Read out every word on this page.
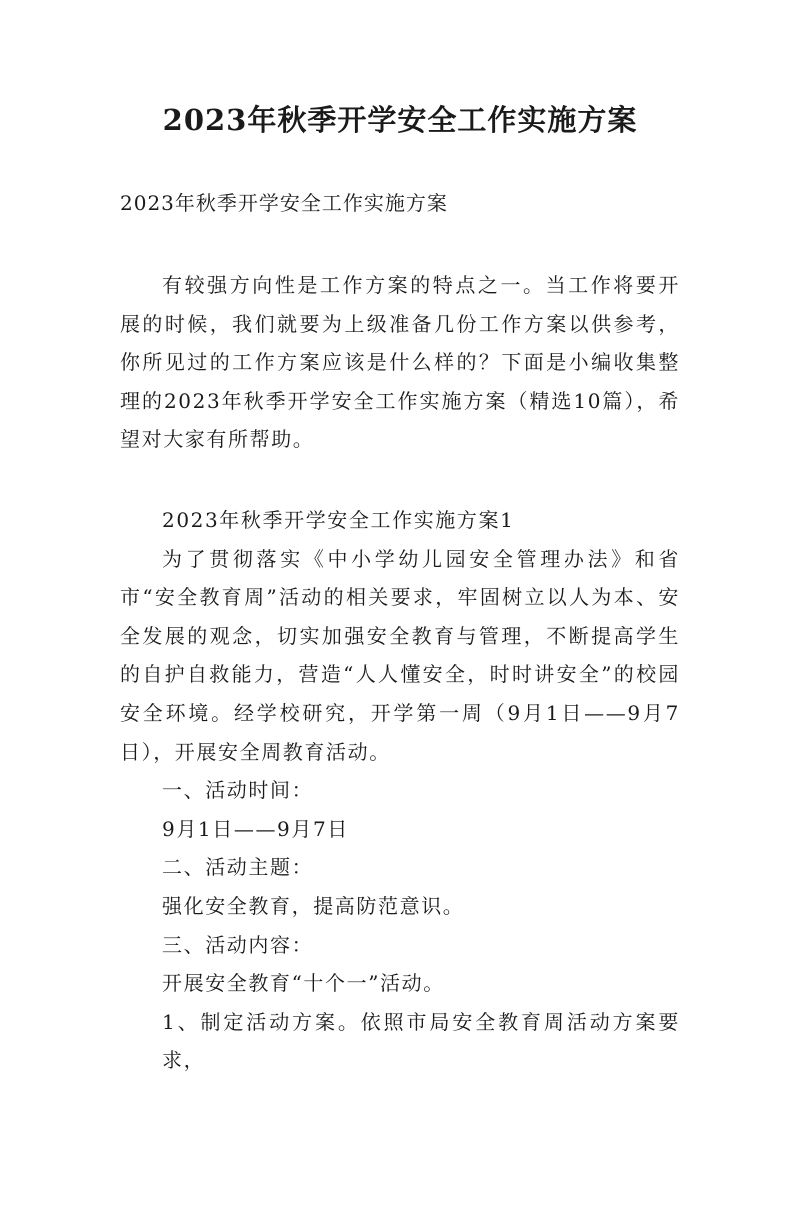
2023年秋季开学安全工作实施方案

2023年秋季开学安全工作实施方案

有较强方向性是工作方案的特点之一。当工作将要开展的时候，我们就要为上级准备几份工作方案以供参考，你所见过的工作方案应该是什么样的？下面是小编收集整理的2023年秋季开学安全工作实施方案（精选10篇），希望对大家有所帮助。

2023年秋季开学安全工作实施方案1

为了贯彻落实《中小学幼儿园安全管理办法》和省市“安全教育周”活动的相关要求，牢固树立以人为本、安全发展的观念，切实加强安全教育与管理，不断提高学生的自护自救能力，营造“人人懂安全，时时讲安全”的校园安全环境。经学校研究，开学第一周（9月1日——9月7日），开展安全周教育活动。

一、活动时间：

9月1日——9月7日

二、活动主题：

强化安全教育，提高防范意识。

三、活动内容：

开展安全教育“十个一”活动。

1、制定活动方案。依照市局安全教育周活动方案要求，
